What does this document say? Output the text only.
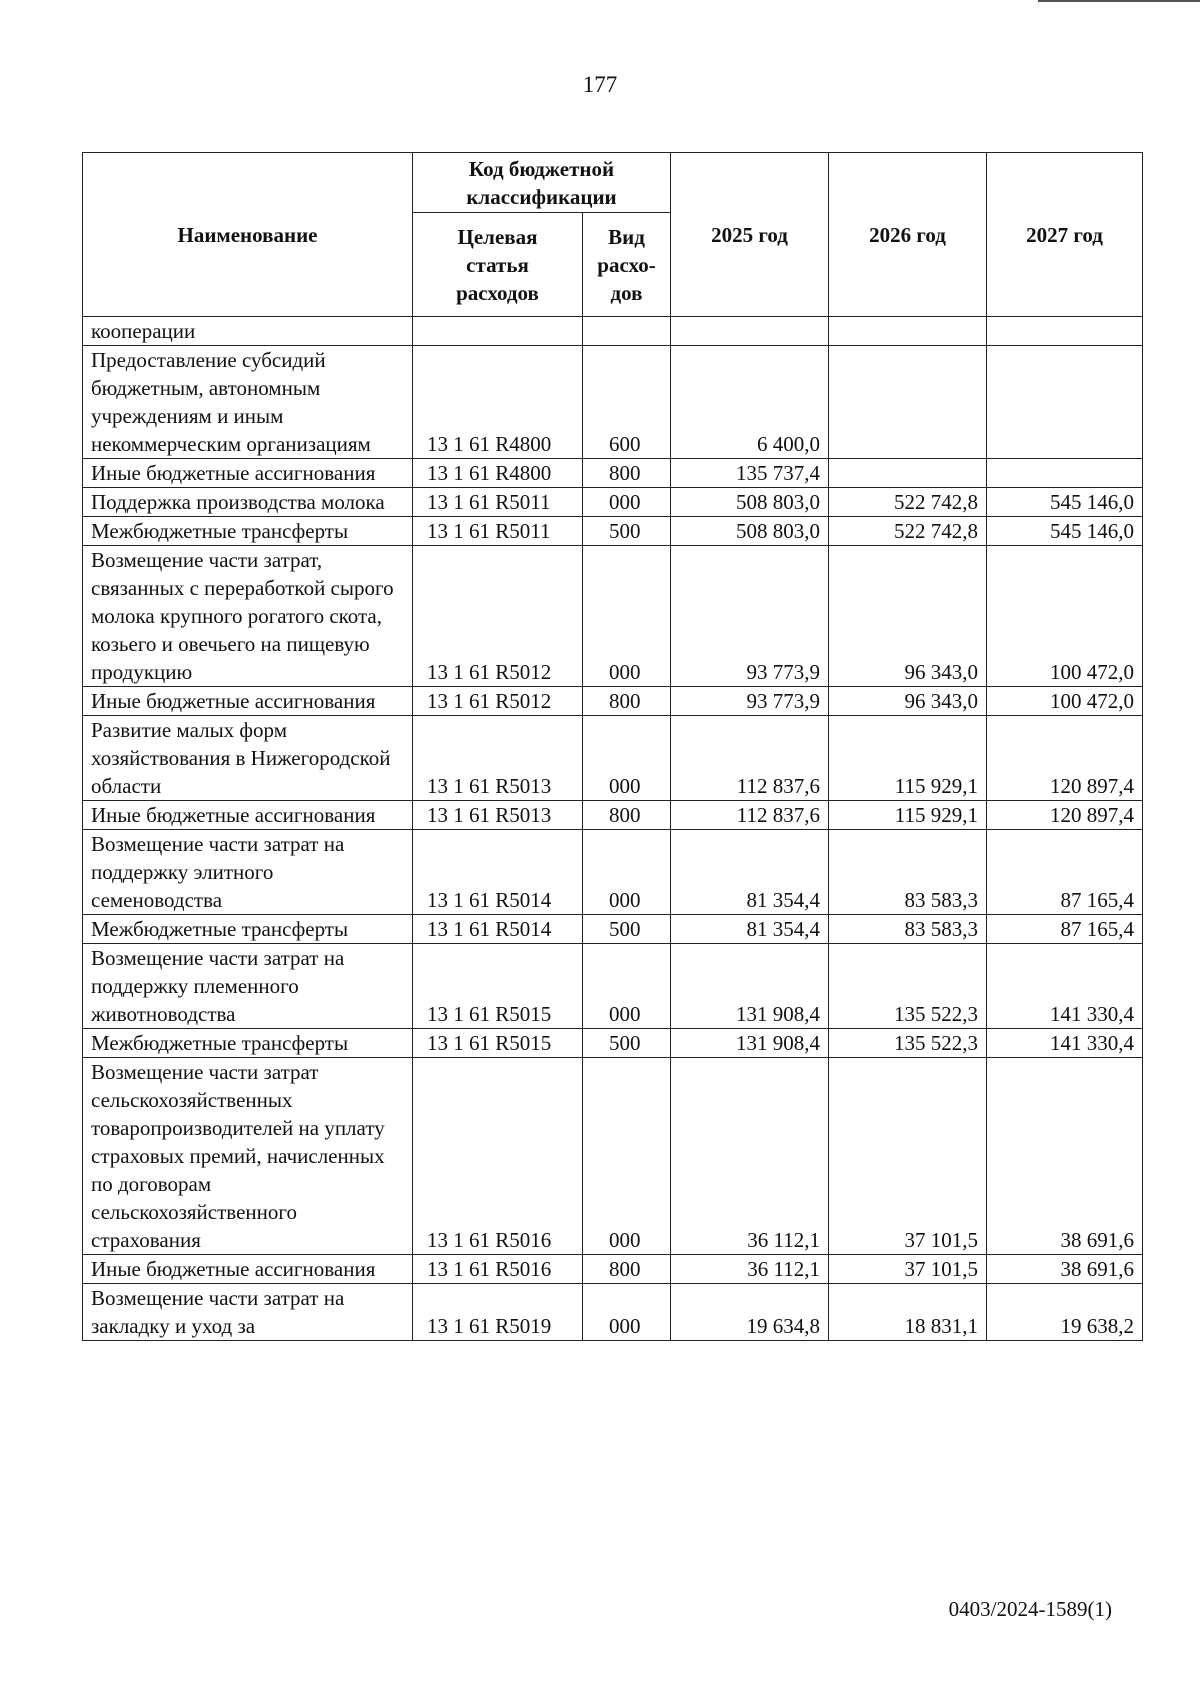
177
Наименование	Код бюджетной классификации		2025 год	2026 год	2027 год
	Целевая статья расходов	Вид расхо-дов			
кооперации					
Предоставление субсидий бюджетным, автономным учреждениям и иным некоммерческим организациям	13 1 61 R4800	600	6 400,0		
Иные бюджетные ассигнования	13 1 61 R4800	800	135 737,4		
Поддержка производства молока	13 1 61 R5011	000	508 803,0	522 742,8	545 146,0
Межбюджетные трансферты	13 1 61 R5011	500	508 803,0	522 742,8	545 146,0
Возмещение части затрат, связанных с переработкой сырого молока крупного рогатого скота, козьего и овечьего на пищевую продукцию	13 1 61 R5012	000	93 773,9	96 343,0	100 472,0
Иные бюджетные ассигнования	13 1 61 R5012	800	93 773,9	96 343,0	100 472,0
Развитие малых форм хозяйствования в Нижегородской области	13 1 61 R5013	000	112 837,6	115 929,1	120 897,4
Иные бюджетные ассигнования	13 1 61 R5013	800	112 837,6	115 929,1	120 897,4
Возмещение части затрат на поддержку элитного семеноводства	13 1 61 R5014	000	81 354,4	83 583,3	87 165,4
Межбюджетные трансферты	13 1 61 R5014	500	81 354,4	83 583,3	87 165,4
Возмещение части затрат на поддержку племенного животноводства	13 1 61 R5015	000	131 908,4	135 522,3	141 330,4
Межбюджетные трансферты	13 1 61 R5015	500	131 908,4	135 522,3	141 330,4
Возмещение части затрат сельскохозяйственных товаропроизводителей на уплату страховых премий, начисленных по договорам сельскохозяйственного страхования	13 1 61 R5016	000	36 112,1	37 101,5	38 691,6
Иные бюджетные ассигнования	13 1 61 R5016	800	36 112,1	37 101,5	38 691,6
Возмещение части затрат на закладку и уход за	13 1 61 R5019	000	19 634,8	18 831,1	19 638,2
0403/2024-1589(1)
